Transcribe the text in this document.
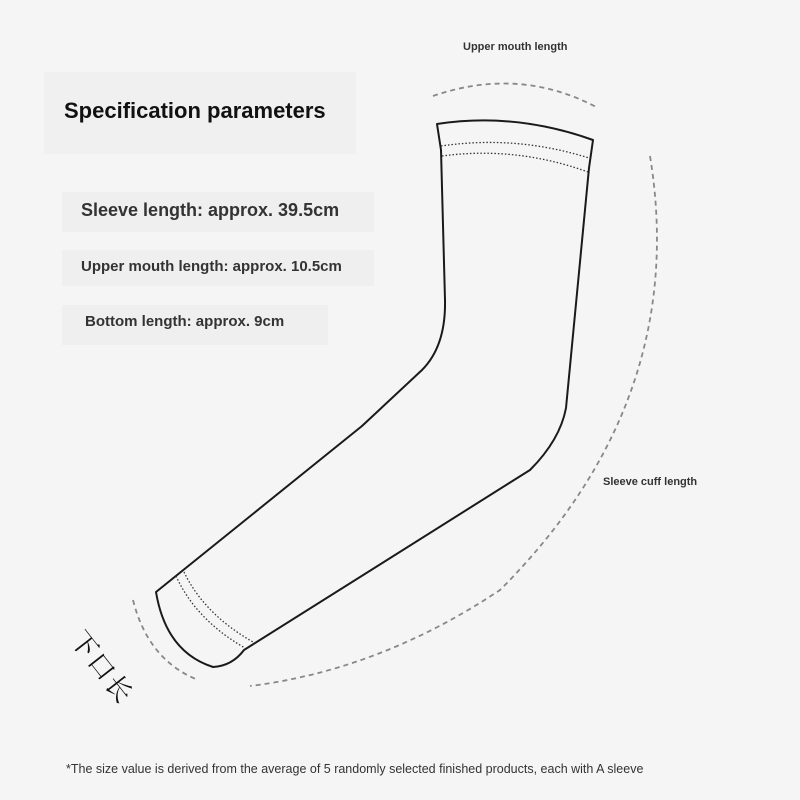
Specification parameters
Sleeve length: approx. 39.5cm
Upper mouth length: approx. 10.5cm
Bottom length: approx. 9cm
Upper mouth length
Sleeve cuff length
下口长
*The size value is derived from the average of 5 randomly selected finished products, each with A sleeve
